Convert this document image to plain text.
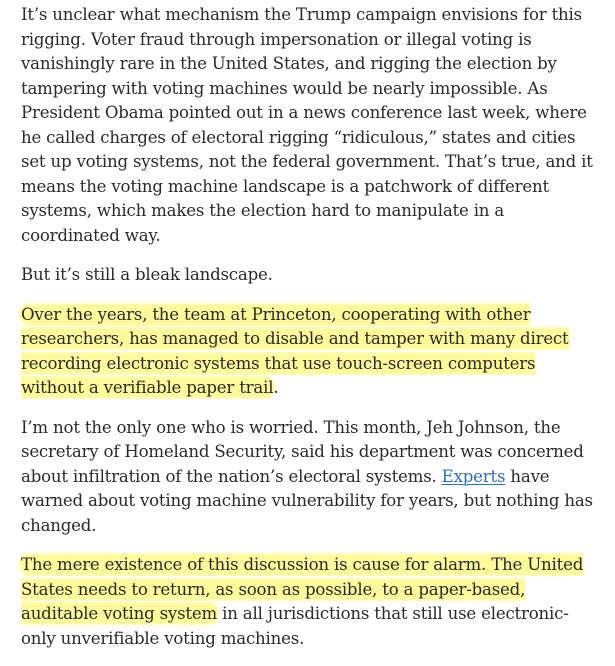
It’s unclear what mechanism the Trump campaign envisions for this rigging. Voter fraud through impersonation or illegal voting is vanishingly rare in the United States, and rigging the election by tampering with voting machines would be nearly impossible. As President Obama pointed out in a news conference last week, where he called charges of electoral rigging “ridiculous,” states and cities set up voting systems, not the federal government. That’s true, and it means the voting machine landscape is a patchwork of different systems, which makes the election hard to manipulate in a coordinated way.

But it’s still a bleak landscape.

Over the years, the team at Princeton, cooperating with other researchers, has managed to disable and tamper with many direct recording electronic systems that use touch-screen computers without a verifiable paper trail.

I’m not the only one who is worried. This month, Jeh Johnson, the secretary of Homeland Security, said his department was concerned about infiltration of the nation’s electoral systems. Experts have warned about voting machine vulnerability for years, but nothing has changed.

The mere existence of this discussion is cause for alarm. The United States needs to return, as soon as possible, to a paper-based, auditable voting system in all jurisdictions that still use electronic-only unverifiable voting machines.
